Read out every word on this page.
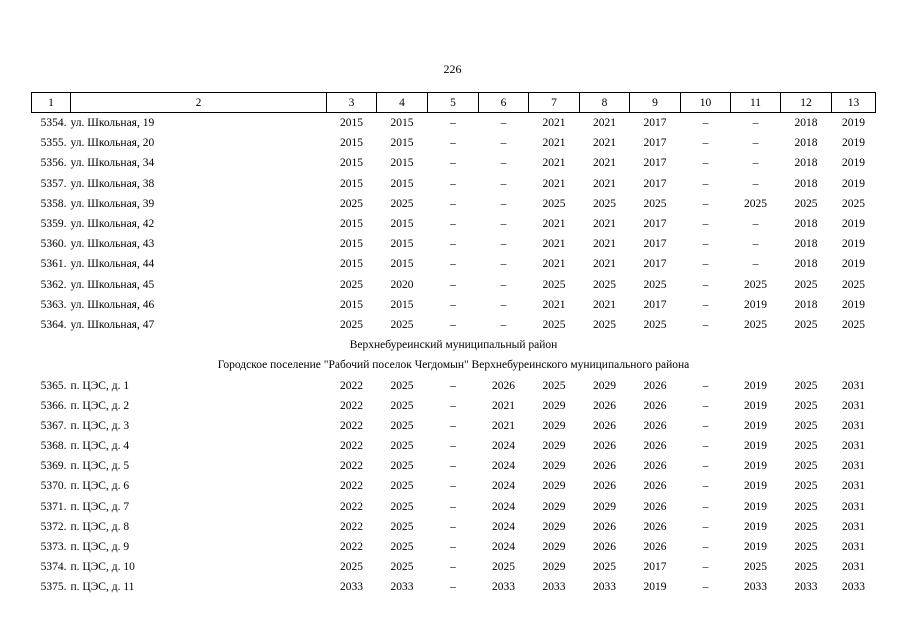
226
1	2	3	4	5	6	7	8	9	10	11	12	13
5354.	ул. Школьная, 19	2015	2015	–	–	2021	2021	2017	–	–	2018	2019
5355.	ул. Школьная, 20	2015	2015	–	–	2021	2021	2017	–	–	2018	2019
5356.	ул. Школьная, 34	2015	2015	–	–	2021	2021	2017	–	–	2018	2019
5357.	ул. Школьная, 38	2015	2015	–	–	2021	2021	2017	–	–	2018	2019
5358.	ул. Школьная, 39	2025	2025	–	–	2025	2025	2025	–	2025	2025	2025
5359.	ул. Школьная, 42	2015	2015	–	–	2021	2021	2017	–	–	2018	2019
5360.	ул. Школьная, 43	2015	2015	–	–	2021	2021	2017	–	–	2018	2019
5361.	ул. Школьная, 44	2015	2015	–	–	2021	2021	2017	–	–	2018	2019
5362.	ул. Школьная, 45	2025	2020	–	–	2025	2025	2025	–	2025	2025	2025
5363.	ул. Школьная, 46	2015	2015	–	–	2021	2021	2017	–	2019	2018	2019
5364.	ул. Школьная, 47	2025	2025	–	–	2025	2025	2025	–	2025	2025	2025
Верхнебуреинский муниципальный район												
Городское поселение "Рабочий поселок Чегдомын" Верхнебуреинского муниципального района												
5365.	п. ЦЭС, д. 1	2022	2025	–	2026	2025	2029	2026	–	2019	2025	2031
5366.	п. ЦЭС, д. 2	2022	2025	–	2021	2029	2026	2026	–	2019	2025	2031
5367.	п. ЦЭС, д. 3	2022	2025	–	2021	2029	2026	2026	–	2019	2025	2031
5368.	п. ЦЭС, д. 4	2022	2025	–	2024	2029	2026	2026	–	2019	2025	2031
5369.	п. ЦЭС, д. 5	2022	2025	–	2024	2029	2026	2026	–	2019	2025	2031
5370.	п. ЦЭС, д. 6	2022	2025	–	2024	2029	2026	2026	–	2019	2025	2031
5371.	п. ЦЭС, д. 7	2022	2025	–	2024	2029	2029	2026	–	2019	2025	2031
5372.	п. ЦЭС, д. 8	2022	2025	–	2024	2029	2026	2026	–	2019	2025	2031
5373.	п. ЦЭС, д. 9	2022	2025	–	2024	2029	2026	2026	–	2019	2025	2031
5374.	п. ЦЭС, д. 10	2025	2025	–	2025	2029	2025	2017	–	2025	2025	2031
5375.	п. ЦЭС, д. 11	2033	2033	–	2033	2033	2033	2019	–	2033	2033	2033
